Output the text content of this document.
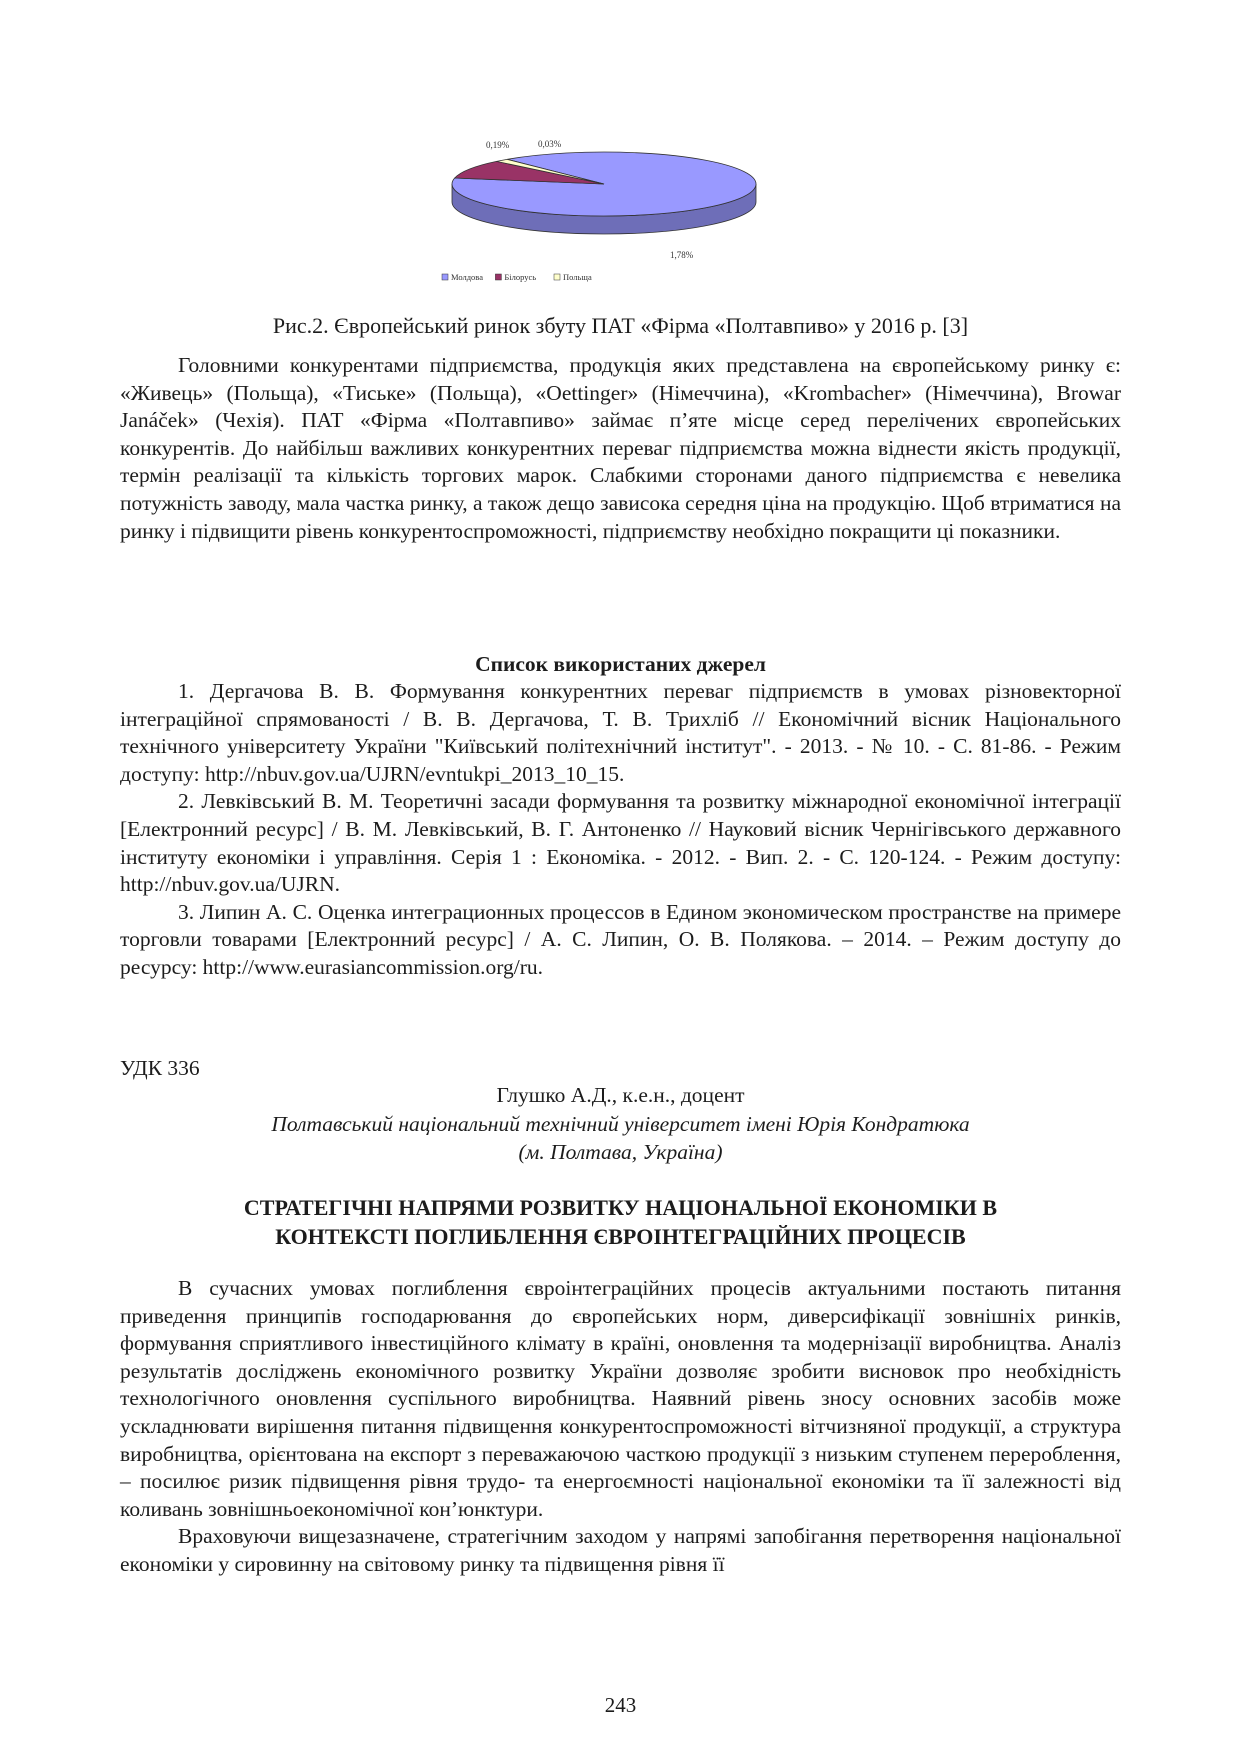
1,78%
0,19%	0,03%
Молдова	Білорусь	Польща
Рис.2. Європейський ринок збуту ПАТ «Фірма «Полтавпиво» у 2016 р. [3]

Головними конкурентами підприємства, продукція яких представлена на європейському ринку є: «Живець» (Польща), «Тиське» (Польща), «Oettinger» (Німеччина), «Krombacher» (Німеччина), Browar Janáček» (Чехія). ПАТ «Фірма «Полтавпиво» займає п’яте місце серед перелічених європейських конкурентів. До найбільш важливих конкурентних переваг підприємства можна віднести якість продукції, термін реалізації та кількість торгових марок. Слабкими сторонами даного підприємства є невелика потужність заводу, мала частка ринку, а також дещо зависока середня ціна на продукцію. Щоб втриматися на ринку і підвищити рівень конкурентоспроможності, підприємству необхідно покращити ці показники.

Список використаних джерел

1. Дергачова В. В. Формування конкурентних переваг підприємств в умовах різновекторної інтеграційної спрямованості / В. В. Дергачова, Т. В. Трихліб // Економічний вісник Національного технічного університету України "Київський політехнічний інститут". - 2013. - № 10. - С. 81-86. - Режим доступу: http://nbuv.gov.ua/UJRN/evntukpi_2013_10_15.

2. Левківський В. М. Теоретичні засади формування та розвитку міжнародної економічної інтеграції [Електронний ресурс] / В. М. Левківський, В. Г. Антоненко // Науковий вісник Чернігівського державного інституту економіки і управління. Серія 1 : Економіка. - 2012. - Вип. 2. - С. 120-124. - Режим доступу: http://nbuv.gov.ua/UJRN.

3. Липин А. С. Оценка интеграционных процессов в Едином экономическом пространстве на примере торговли товарами [Електронний ресурс] / А. С. Липин, О. В. Полякова. – 2014. – Режим доступу до ресурсу: http://www.eurasiancommission.org/ru.

УДК 336
Глушко А.Д., к.е.н., доцент
Полтавський національний технічний університет імені Юрія Кондратюка
(м. Полтава, Україна)
СТРАТЕГІЧНІ НАПРЯМИ РОЗВИТКУ НАЦІОНАЛЬНОЇ ЕКОНОМІКИ В
КОНТЕКСТІ ПОГЛИБЛЕННЯ ЄВРОІНТЕГРАЦІЙНИХ ПРОЦЕСІВ

В сучасних умовах поглиблення євроінтеграційних процесів актуальними постають питання приведення принципів господарювання до європейських норм, диверсифікації зовнішніх ринків, формування сприятливого інвестиційного клімату в країні, оновлення та модернізації виробництва. Аналіз результатів досліджень економічного розвитку України дозволяє зробити висновок про необхідність технологічного оновлення суспільного виробництва. Наявний рівень зносу основних засобів може ускладнювати вирішення питання підвищення конкурентоспроможності вітчизняної продукції, а структура виробництва, орієнтована на експорт з переважаючою часткою продукції з низьким ступенем перероблення, – посилює ризик підвищення рівня трудо- та енергоємності національної економіки та її залежності від коливань зовнішньоекономічної кон’юнктури.

Враховуючи вищезазначене, стратегічним заходом у напрямі запобігання перетворення національної економіки у сировинну на світовому ринку та підвищення рівня її

243
